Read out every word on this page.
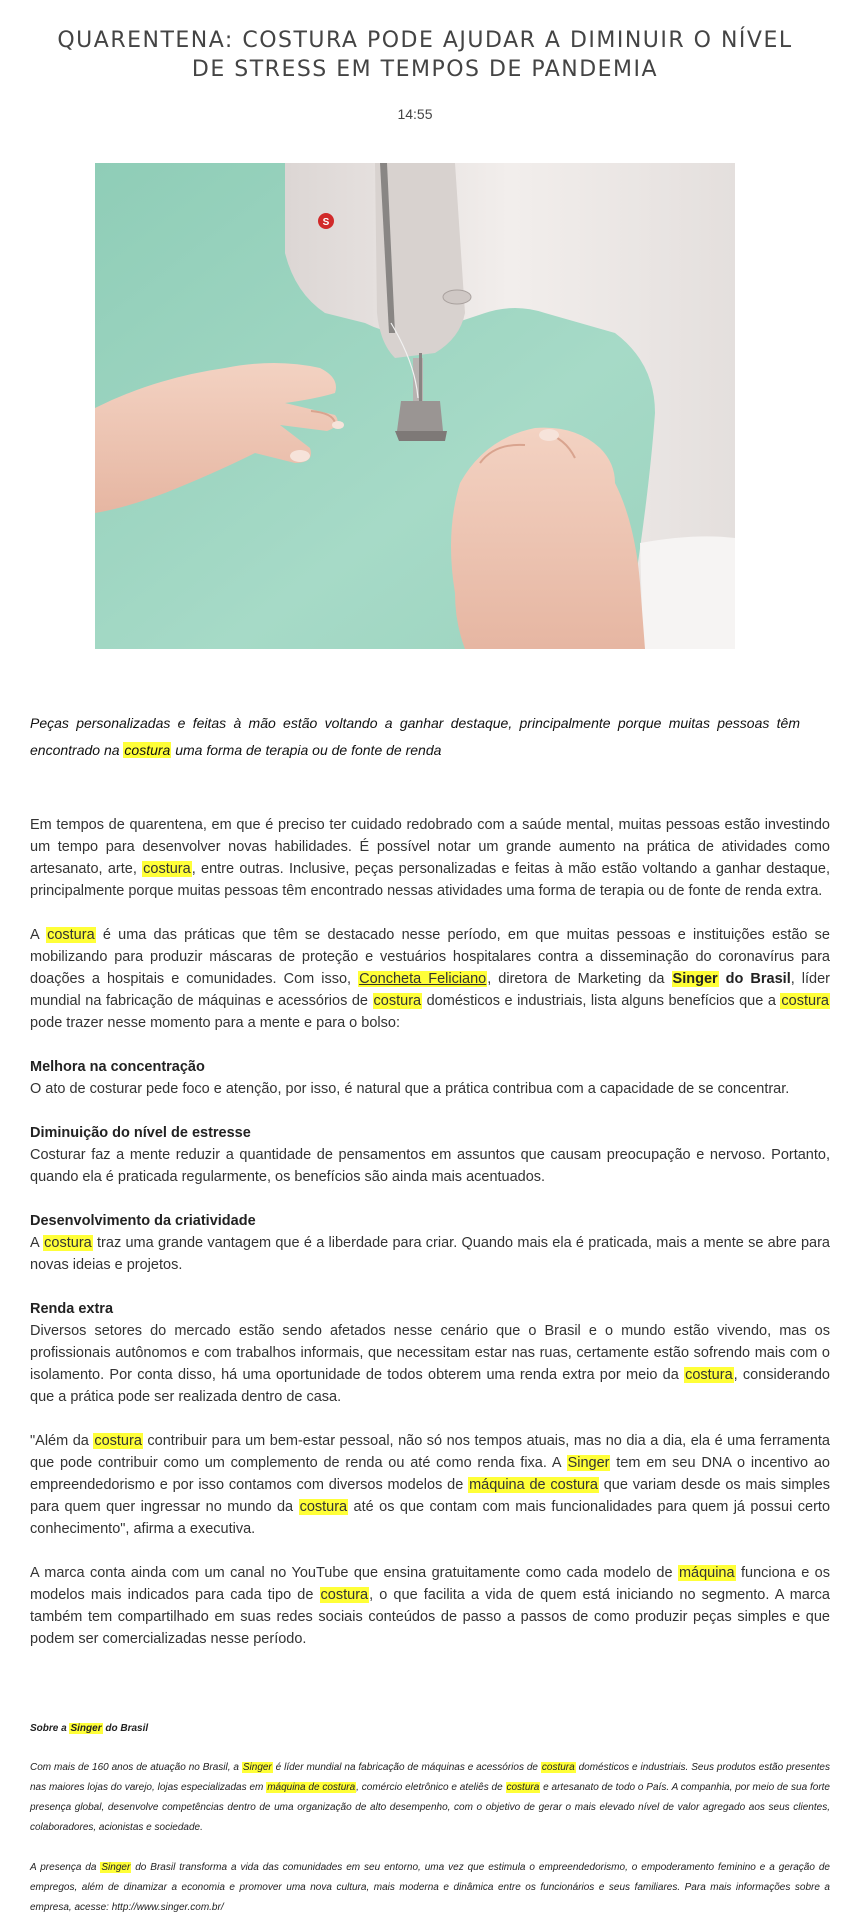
QUARENTENA: COSTURA PODE AJUDAR A DIMINUIR O NÍVEL DE STRESS EM TEMPOS DE PANDEMIA
14:55
S

Peças personalizadas e feitas à mão estão voltando a ganhar destaque, principalmente porque muitas pessoas têm encontrado na costura uma forma de terapia ou de fonte de renda

Em tempos de quarentena, em que é preciso ter cuidado redobrado com a saúde mental, muitas pessoas estão investindo um tempo para desenvolver novas habilidades. É possível notar um grande aumento na prática de atividades como artesanato, arte, costura, entre outras. Inclusive, peças personalizadas e feitas à mão estão voltando a ganhar destaque, principalmente porque muitas pessoas têm encontrado nessas atividades uma forma de terapia ou de fonte de renda extra.

A costura é uma das práticas que têm se destacado nesse período, em que muitas pessoas e instituições estão se mobilizando para produzir máscaras de proteção e vestuários hospitalares contra a disseminação do coronavírus para doações a hospitais e comunidades. Com isso, Concheta Feliciano, diretora de Marketing da Singer do Brasil, líder mundial na fabricação de máquinas e acessórios de costura domésticos e industriais, lista alguns benefícios que a costura pode trazer nesse momento para a mente e para o bolso:

Melhora na concentração
O ato de costurar pede foco e atenção, por isso, é natural que a prática contribua com a capacidade de se concentrar.

Diminuição do nível de estresse
Costurar faz a mente reduzir a quantidade de pensamentos em assuntos que causam preocupação e nervoso. Portanto, quando ela é praticada regularmente, os benefícios são ainda mais acentuados.

Desenvolvimento da criatividade
A costura traz uma grande vantagem que é a liberdade para criar. Quando mais ela é praticada, mais a mente se abre para novas ideias e projetos.

Renda extra
Diversos setores do mercado estão sendo afetados nesse cenário que o Brasil e o mundo estão vivendo, mas os profissionais autônomos e com trabalhos informais, que necessitam estar nas ruas, certamente estão sofrendo mais com o isolamento. Por conta disso, há uma oportunidade de todos obterem uma renda extra por meio da costura, considerando que a prática pode ser realizada dentro de casa.

"Além da costura contribuir para um bem-estar pessoal, não só nos tempos atuais, mas no dia a dia, ela é uma ferramenta que pode contribuir como um complemento de renda ou até como renda fixa. A Singer tem em seu DNA o incentivo ao empreendedorismo e por isso contamos com diversos modelos de máquina de costura que variam desde os mais simples para quem quer ingressar no mundo da costura até os que contam com mais funcionalidades para quem já possui certo conhecimento", afirma a executiva.

A marca conta ainda com um canal no YouTube que ensina gratuitamente como cada modelo de máquina funciona e os modelos mais indicados para cada tipo de costura, o que facilita a vida de quem está iniciando no segmento. A marca também tem compartilhado em suas redes sociais conteúdos de passo a passos de como produzir peças simples e que podem ser comercializadas nesse período.

Sobre a Singer do Brasil

Com mais de 160 anos de atuação no Brasil, a Singer é líder mundial na fabricação de máquinas e acessórios de costura domésticos e industriais. Seus produtos estão presentes nas maiores lojas do varejo, lojas especializadas em máquina de costura, comércio eletrônico e ateliês de costura e artesanato de todo o País. A companhia, por meio de sua forte presença global, desenvolve competências dentro de uma organização de alto desempenho, com o objetivo de gerar o mais elevado nível de valor agregado aos seus clientes, colaboradores, acionistas e sociedade.

A presença da Singer do Brasil transforma a vida das comunidades em seu entorno, uma vez que estimula o empreendedorismo, o empoderamento feminino e a geração de empregos, além de dinamizar a economia e promover uma nova cultura, mais moderna e dinâmica entre os funcionários e seus familiares. Para mais informações sobre a empresa, acesse: http://www.singer.com.br/
